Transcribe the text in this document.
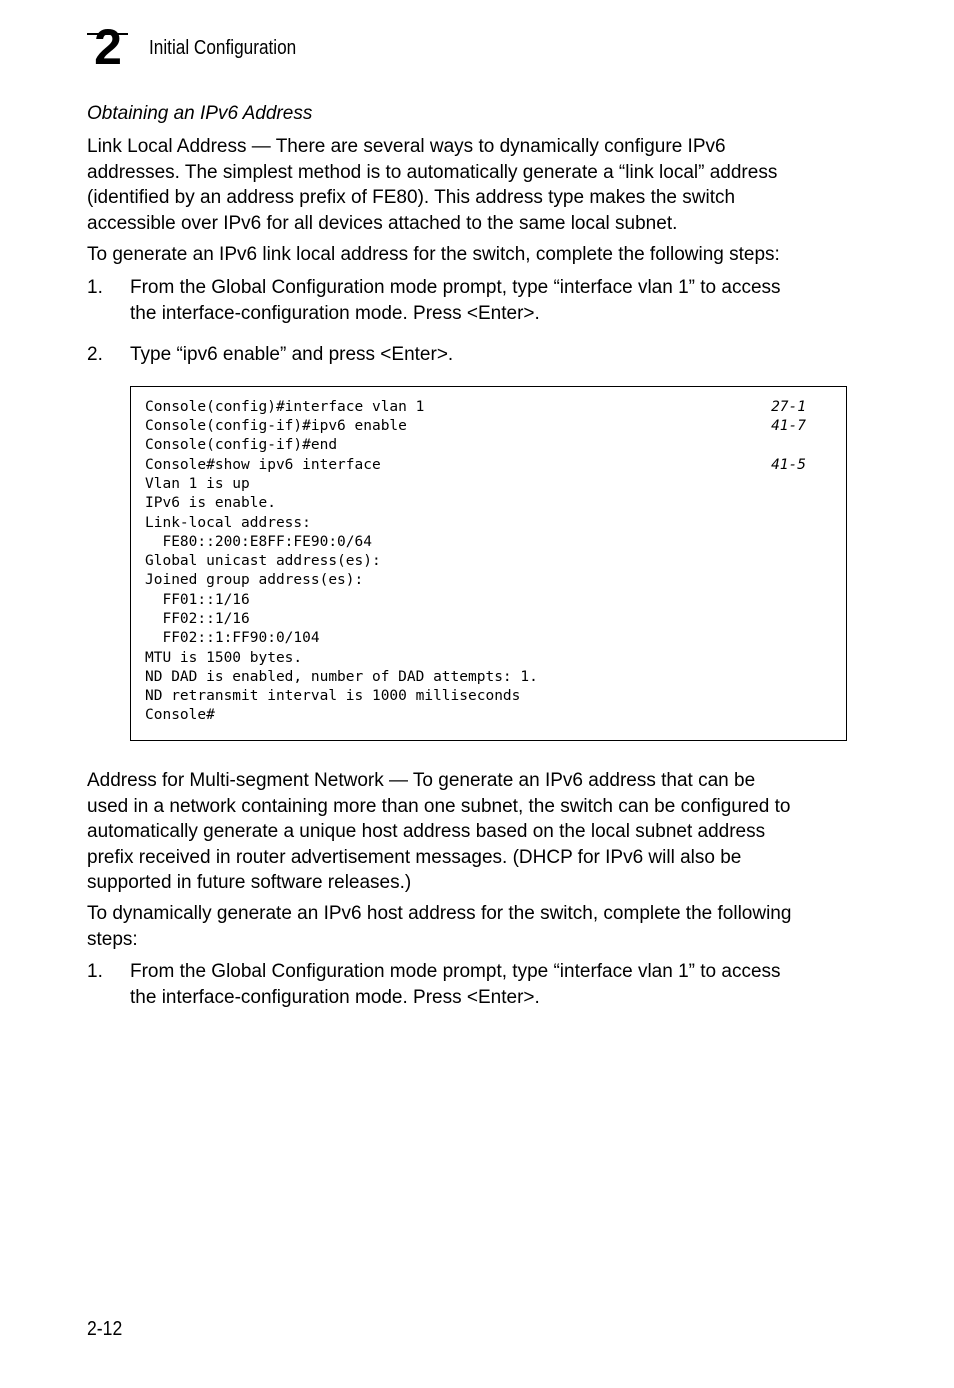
2	Initial Configuration
Obtaining an IPv6 Address
Link Local Address — There are several ways to dynamically configure IPv6
addresses. The simplest method is to automatically generate a “link local” address
(identified by an address prefix of FE80). This address type makes the switch
accessible over IPv6 for all devices attached to the same local subnet.
To generate an IPv6 link local address for the switch, complete the following steps:
1. From the Global Configuration mode prompt, type “interface vlan 1” to access
the interface-configuration mode. Press <Enter>.
2. Type “ipv6 enable” and press <Enter>.
Console(config)#interface vlan 1
Console(config-if)#ipv6 enable
Console(config-if)#end
Console#show ipv6 interface
Vlan 1 is up
IPv6 is enable.
Link-local address:
FE80::200:E8FF:FE90:0/64
Global unicast address(es):
Joined group address(es):
FF01::1/16
FF02::1/16
FF02::1:FF90:0/104
MTU is 1500 bytes.
ND DAD is enabled, number of DAD attempts: 1.
ND retransmit interval is 1000 milliseconds
Console#
27-1
41-7
41-5
Address for Multi-segment Network — To generate an IPv6 address that can be
used in a network containing more than one subnet, the switch can be configured to
automatically generate a unique host address based on the local subnet address
prefix received in router advertisement messages. (DHCP for IPv6 will also be
supported in future software releases.)
To dynamically generate an IPv6 host address for the switch, complete the following
steps:
1. From the Global Configuration mode prompt, type “interface vlan 1” to access
the interface-configuration mode. Press <Enter>.
2-12
